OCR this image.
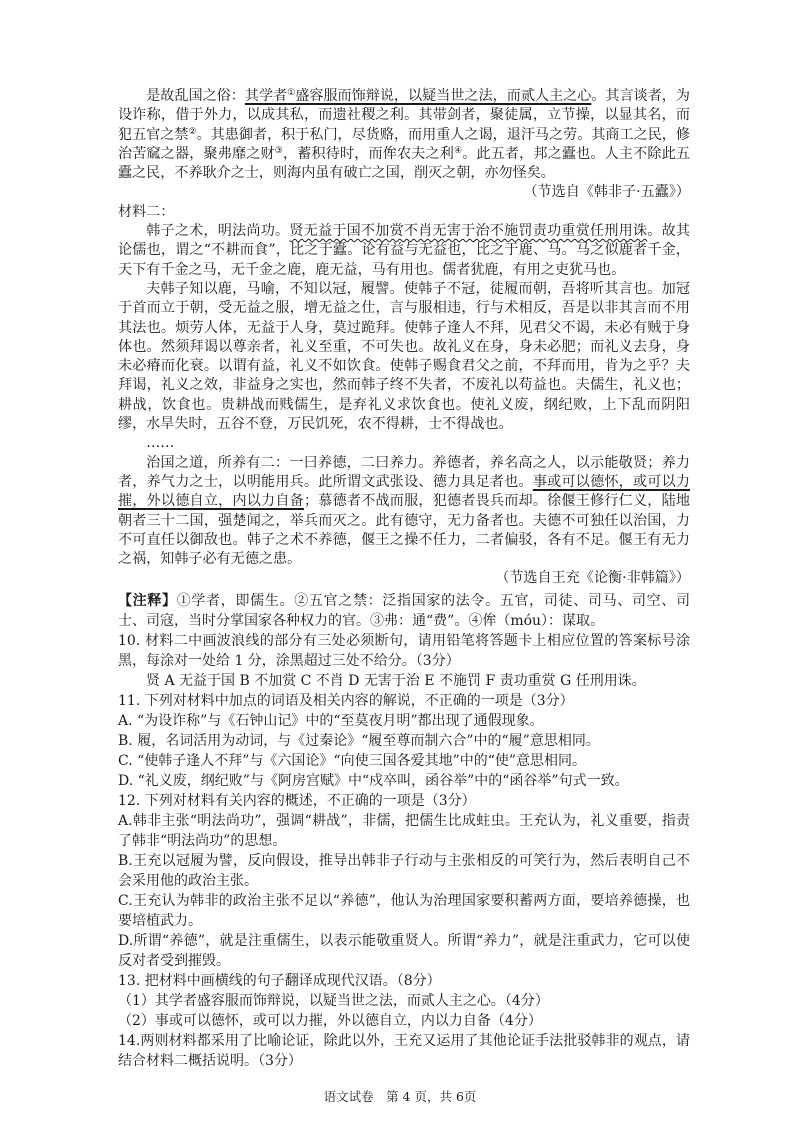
是故乱国之俗：其学者①盛容服而饰辩说，以疑当世之法，而贰人主之心。其言谈者，为设诈称，借于外力，以成其私，而遗社稷之利。其带剑者，聚徒属，立节操，以显其名，而犯五官之禁②。其患御者，积于私门，尽货赂，而用重人之谒，退汗马之劳。其商工之民，修治苦窳之器，聚弗靡之财③，蓄积待时，而侔农夫之利④。此五者，邦之蠹也。人主不除此五蠹之民，不养耿介之士，则海内虽有破亡之国，削灭之朝，亦勿怪矣。

（节选自《韩非子·五蠹》）

材料二：

韩子之术，明法尚功。贤无益于国不加赏不肖无害于治不施罚责功重赏任刑用诛。故其论儒也，谓之“不耕而食”，比之于蠹。论有益与无益也，比之于鹿、马。马之似鹿者千金，天下有千金之马，无千金之鹿，鹿无益，马有用也。儒者犹鹿，有用之吏犹马也。

夫韩子知以鹿，马喻，不知以冠，履譬。使韩子不冠，徒履而朝，吾将听其言也。加冠于首而立于朝，受无益之服，增无益之仕，言与服相违，行与术相反，吾是以非其言而不用其法也。烦劳人体，无益于人身，莫过跪拜。使韩子逢人不拜，见君父不谒，未必有贼于身体也。然须拜谒以尊亲者，礼义至重，不可失也。故礼义在身，身未必肥；而礼义去身，身未必瘠而化衰。以谓有益，礼义不如饮食。使韩子赐食君父之前，不拜而用，肯为之乎？夫拜谒，礼义之效，非益身之实也，然而韩子终不失者，不废礼以苟益也。夫儒生，礼义也；耕战，饮食也。贵耕战而贱儒生，是弃礼义求饮食也。使礼义废，纲纪败，上下乱而阴阳缪，水旱失时，五谷不登，万民饥死，农不得耕，士不得战也。

……

治国之道，所养有二：一曰养德，二曰养力。养德者，养名高之人，以示能敬贤；养力者，养气力之士，以明能用兵。此所谓文武张设、德力具足者也。事或可以德怀，或可以力摧，外以德自立，内以力自备；慕德者不战而服，犯德者畏兵而却。徐偃王修行仁义，陆地朝者三十二国，强楚闻之，举兵而灭之。此有德守，无力备者也。夫德不可独任以治国，力不可直任以御敌也。韩子之术不养德，偃王之操不任力，二者偏驳，各有不足。偃王有无力之祸，知韩子必有无德之患。

（节选自王充《论衡·非韩篇》）

【注释】①学者，即儒生。②五官之禁：泛指国家的法令。五官，司徒、司马、司空、司士、司寇，当时分掌国家各种权力的官。③弗：通“费”。④侔（móu）：谋取。

10. 材料二中画波浪线的部分有三处必须断句，请用铅笔将答题卡上相应位置的答案标号涂黑，每涂对一处给 1 分，涂黑超过三处不给分。（3分）

贤 A 无益于国 B 不加赏 C 不肖 D 无害于治 E 不施罚 F 责功重赏 G 任刑用诛。

11. 下列对材料中加点的词语及相关内容的解说，不正确的一项是（3分）

A. “为设诈称”与《石钟山记》中的“至莫夜月明”都出现了通假现象。

B. 履，名词活用为动词，与《过秦论》“履至尊而制六合”中的“履”意思相同。

C. “使韩子逢人不拜”与《六国论》“向使三国各爱其地”中的“使”意思相同。

D. “礼义废，纲纪败”与《阿房宫赋》中“戍卒叫，函谷举”中的“函谷举”句式一致。

12. 下列对材料有关内容的概述，不正确的一项是（3分）

A.韩非主张“明法尚功”，强调“耕战”，非儒，把儒生比成蛀虫。王充认为，礼义重要，指责了韩非“明法尚功”的思想。

B.王充以冠履为譬，反向假设，推导出韩非子行动与主张相反的可笑行为，然后表明自己不会采用他的政治主张。

C.王充认为韩非的政治主张不足以“养德”，他认为治理国家要积蓄两方面，要培养德操，也要培植武力。

D.所谓“养德”，就是注重儒生，以表示能敬重贤人。所谓“养力”，就是注重武力，它可以使反对者受到摧毁。

13. 把材料中画横线的句子翻译成现代汉语。（8分）

（1）其学者盛容服而饰辩说，以疑当世之法，而贰人主之心。（4分）

（2）事或可以德怀，或可以力摧，外以德自立，内以力自备（4分）

14.两则材料都采用了比喻论证，除此以外，王充又运用了其他论证手法批驳韩非的观点，请结合材料二概括说明。（3分）

语文试卷　第 4 页，共 6页
